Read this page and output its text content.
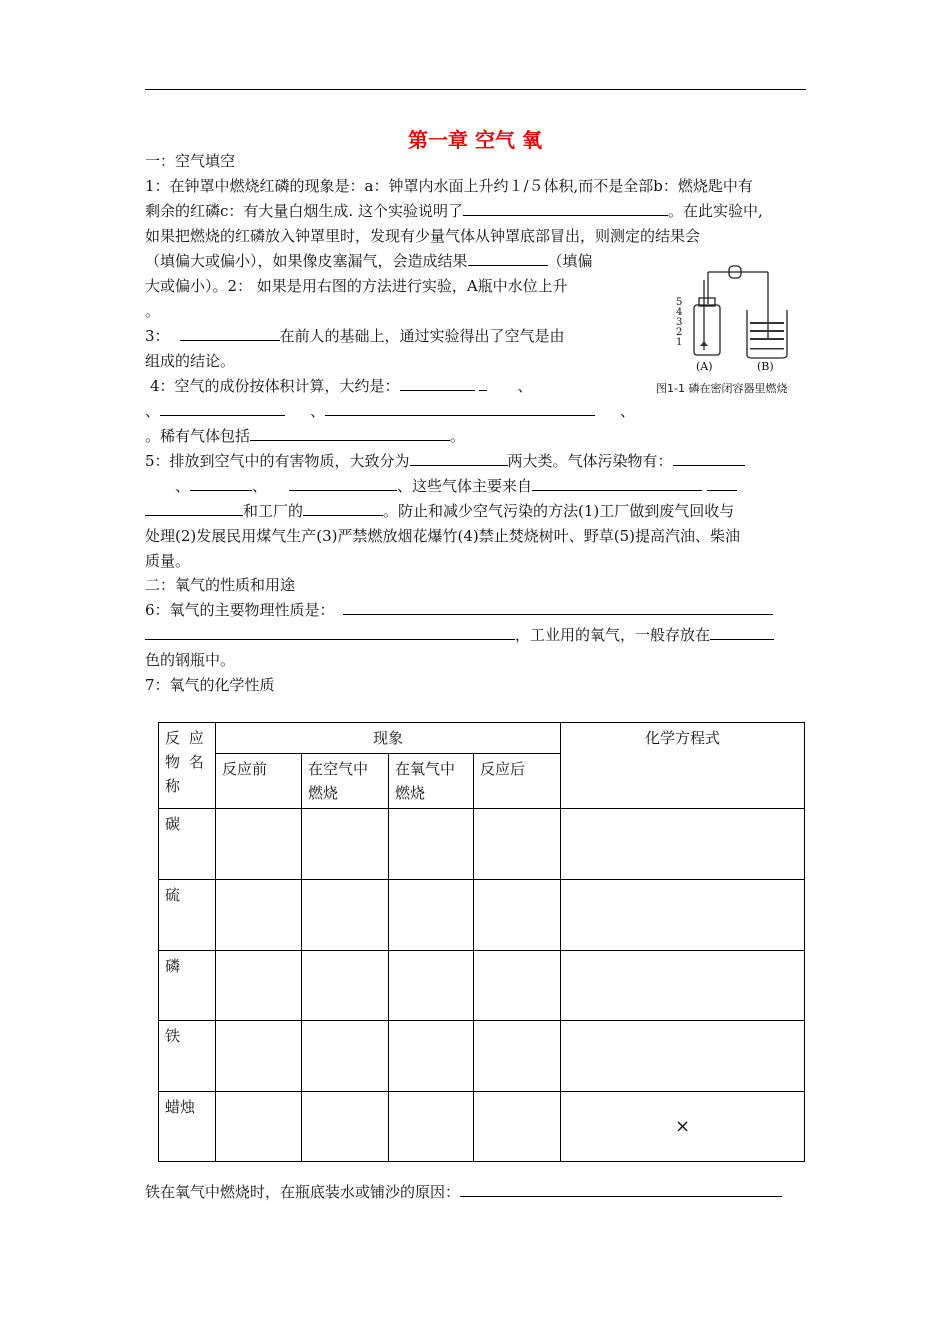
第一章 空气 氧
一：空气填空
1：在钟罩中燃烧红磷的现象是：a：钟罩内水面上升约１/５体积,而不是全部b：燃烧匙中有
剩余的红磷c：有大量白烟生成. 这个实验说明了	。在此实验中,
如果把燃烧的红磷放入钟罩里时，发现有少量气体从钟罩底部冒出，则测定的结果会
（填偏大或偏小），如果像皮塞漏气，会造成结果	（填偏
大或偏小）。2： 如果是用右图的方法进行实验，A瓶中水位上升
。
3：	在前人的基础上，通过实验得出了空气是由
组成的结论。
4：空气的成份按体积计算，大约是：	、
、	、	、
。稀有气体包括	。
5：排放到空气中的有害物质，大致分为	两大类。气体污染物有：
、	、	、这些气体主要来自
和工厂的	。防止和减少空气污染的方法(1)工厂做到废气回收与
处理(2)发展民用煤气生产(3)严禁燃放烟花爆竹(4)禁止焚烧树叶、野草(5)提高汽油、柴油
质量。
二：氧气的性质和用途
6：氧气的主要物理性质是：
，工业用的氧气，一般存放在
色的钢瓶中。
7：氧气的化学性质
5
4
3
2
1
(A)	(B)
图1-1 磷在密闭容器里燃烧
反 应 物 名 称	现象				化学方程式
	反应前	在空气中燃烧	在氧气中燃烧	反应后	
碳					
硫					
磷					
铁					
蜡烛					×
铁在氧气中燃烧时，在瓶底装水或铺沙的原因：
